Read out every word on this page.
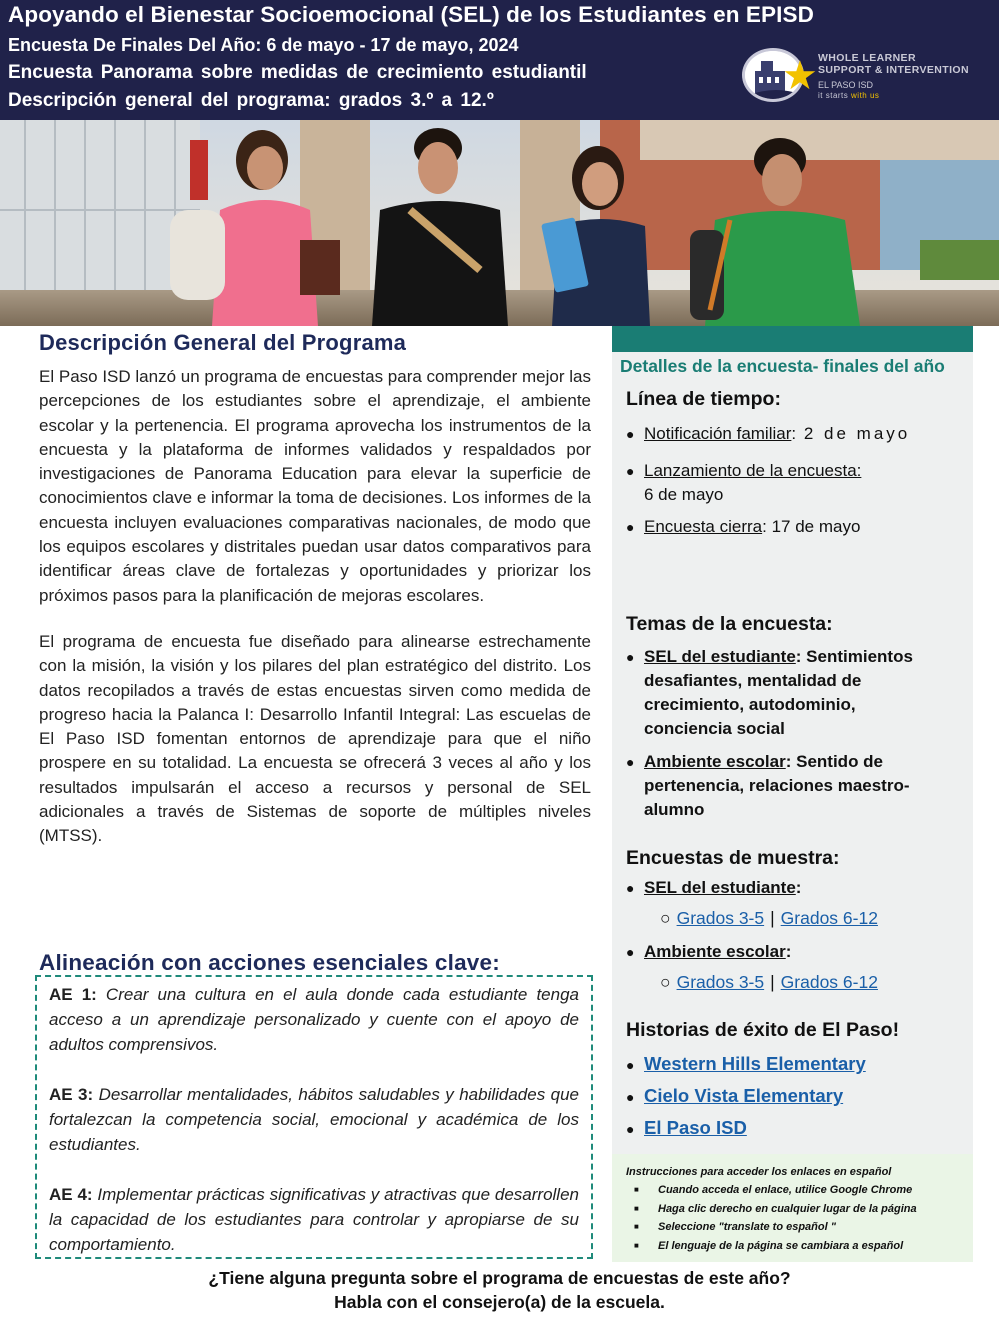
Apoyando el Bienestar Socioemocional (SEL) de los Estudiantes en EPISD
Encuesta De Finales Del Año: 6 de mayo - 17 de mayo, 2024
Encuesta Panorama sobre medidas de crecimiento estudiantil
Descripción general del programa: grados 3.º a 12.º
★ WHOLE LEARNER
SUPPORT & INTERVENTION
EL PASO ISD
it starts with us
Descripción General del Programa

El Paso ISD lanzó un programa de encuestas para comprender mejor las percepciones de los estudiantes sobre el aprendizaje, el ambiente escolar y la pertenencia. El programa aprovecha los instrumentos de la encuesta y la plataforma de informes validados y respaldados por investigaciones de Panorama Education para elevar la superficie de conocimientos clave e informar la toma de decisiones. Los informes de la encuesta incluyen evaluaciones comparativas nacionales, de modo que los equipos escolares y distritales puedan usar datos comparativos para identificar áreas clave de fortalezas y oportunidades y priorizar los próximos pasos para la planificación de mejoras escolares.

El programa de encuesta fue diseñado para alinearse estrechamente con la misión, la visión y los pilares del plan estratégico del distrito. Los datos recopilados a través de estas encuestas sirven como medida de progreso hacia la Palanca I: Desarrollo Infantil Integral: Las escuelas de El Paso ISD fomentan entornos de aprendizaje para que el niño prospere en su totalidad. La encuesta se ofrecerá 3 veces al año y los resultados impulsarán el acceso a recursos y personal de SEL adicionales a través de Sistemas de soporte de múltiples niveles (MTSS).

Alineación con acciones esenciales clave:

AE 1: Crear una cultura en el aula donde cada estudiante tenga acceso a un aprendizaje personalizado y cuente con el apoyo de adultos comprensivos.

AE 3: Desarrollar mentalidades, hábitos saludables y habilidades que fortalezcan la competencia social, emocional y académica de los estudiantes.

AE 4: Implementar prácticas significativas y atractivas que desarrollen la capacidad de los estudiantes para controlar y apropiarse de su comportamiento.

Detalles de la encuesta- finales del año
Línea de tiempo:
● Notificación familiar: 2 de mayo
● Lanzamiento de la encuesta:
6 de mayo
● Encuesta cierra: 17 de mayo
Temas de la encuesta:
● SEL del estudiante: Sentimientos desafiantes, mentalidad de crecimiento, autodominio, conciencia social
● Ambiente escolar: Sentido de pertenencia, relaciones maestro-alumno
Encuestas de muestra:
● SEL del estudiante:
○ Grados 3-5 | Grados 6-12
● Ambiente escolar:
○ Grados 3-5 | Grados 6-12
Historias de éxito de El Paso!
● Western Hills Elementary
● Cielo Vista Elementary
● El Paso ISD
Instrucciones para acceder los enlaces en español
■ Cuando acceda el enlace, utilice Google Chrome
■ Haga clic derecho en cualquier lugar de la página
■ Seleccione "translate to español "
■ El lenguaje de la página se cambiara a español
¿Tiene alguna pregunta sobre el programa de encuestas de este año?
Habla con el consejero(a) de la escuela.
